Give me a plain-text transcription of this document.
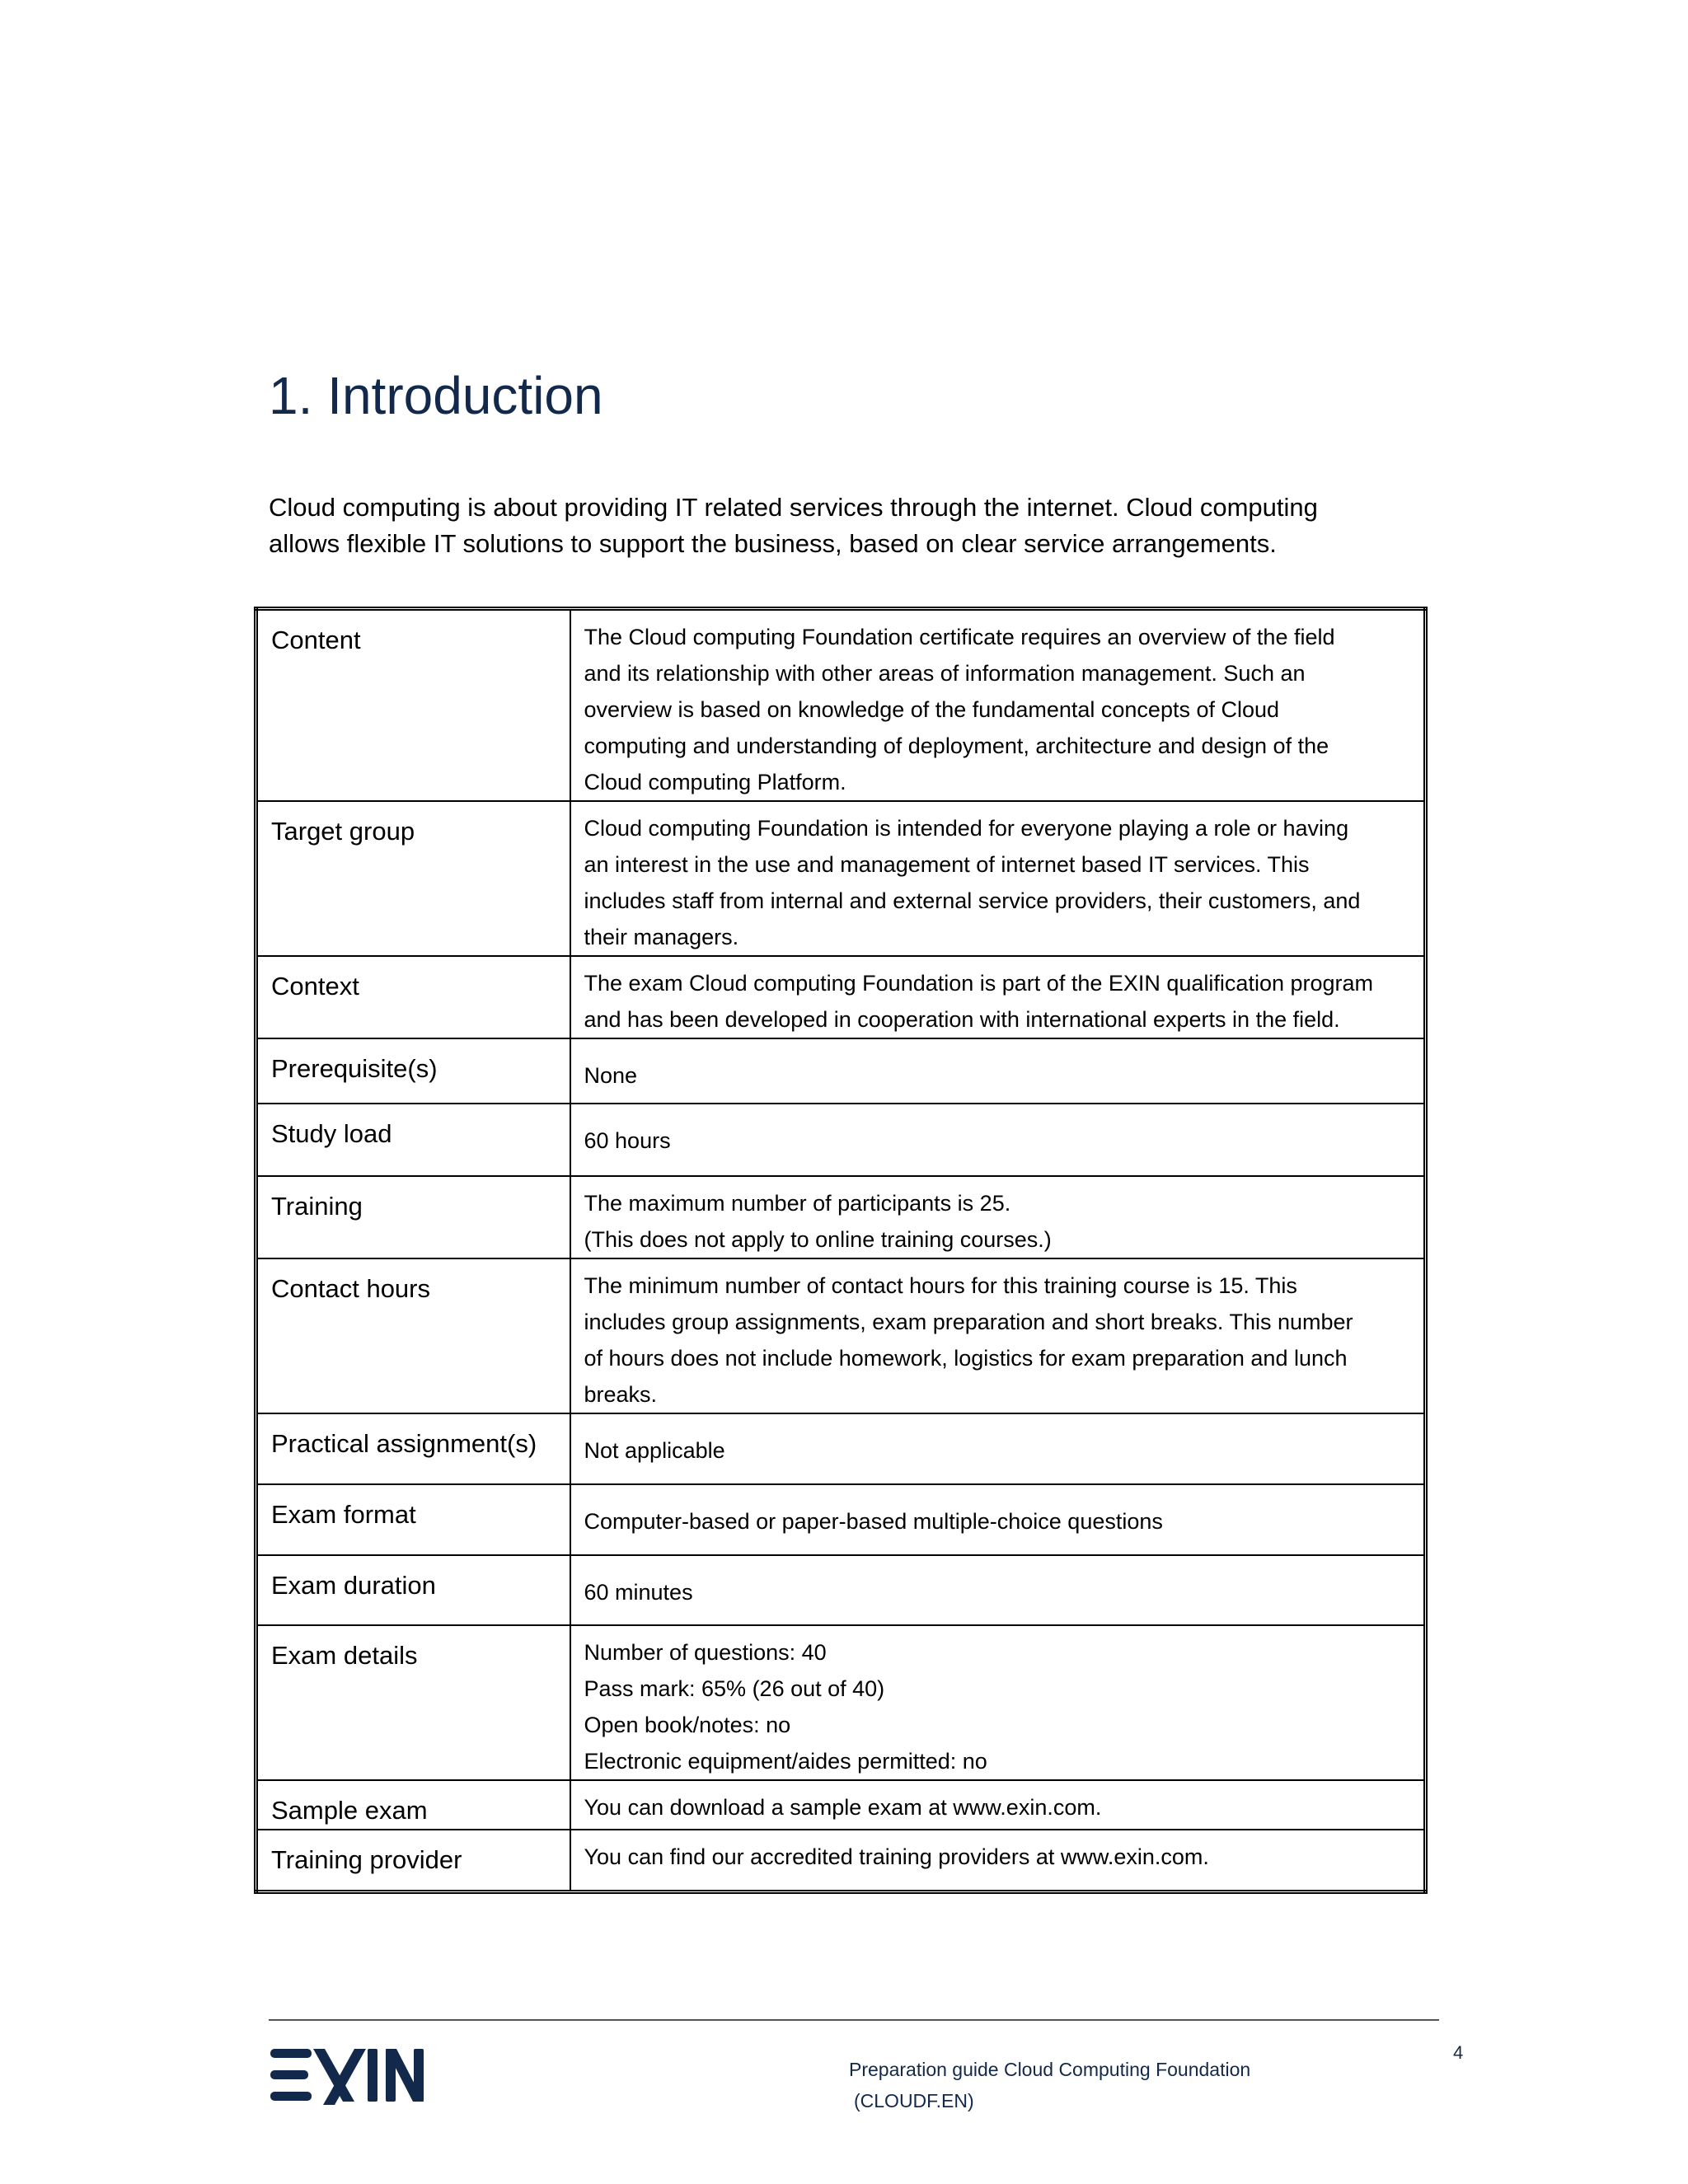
1. Introduction

Cloud computing is about providing IT related services through the internet. Cloud computing
allows flexible IT solutions to support the business, based on clear service arrangements.

Content	The Cloud computing Foundation certificate requires an overview of the field
and its relationship with other areas of information management. Such an
overview is based on knowledge of the fundamental concepts of Cloud
computing and understanding of deployment, architecture and design of the
Cloud computing Platform.

Target group	Cloud computing Foundation is intended for everyone playing a role or having
an interest in the use and management of internet based IT services. This
includes staff from internal and external service providers, their customers, and
their managers.

Context	The exam Cloud computing Foundation is part of the EXIN qualification program
and has been developed in cooperation with international experts in the field.

Prerequisite(s)	None

Study load	60 hours

Training	The maximum number of participants is 25.
(This does not apply to online training courses.)

Contact hours	The minimum number of contact hours for this training course is 15. This
includes group assignments, exam preparation and short breaks. This number
of hours does not include homework, logistics for exam preparation and lunch
breaks.

Practical assignment(s)	Not applicable

Exam format	Computer-based or paper-based multiple-choice questions

Exam duration	60 minutes

Exam details	Number of questions: 40
Pass mark: 65% (26 out of 40)
Open book/notes: no
Electronic equipment/aides permitted: no

Sample exam	You can download a sample exam at www.exin.com.

Training provider	You can find our accredited training providers at www.exin.com.
Preparation guide Cloud Computing Foundation
(CLOUDF.EN)
4
